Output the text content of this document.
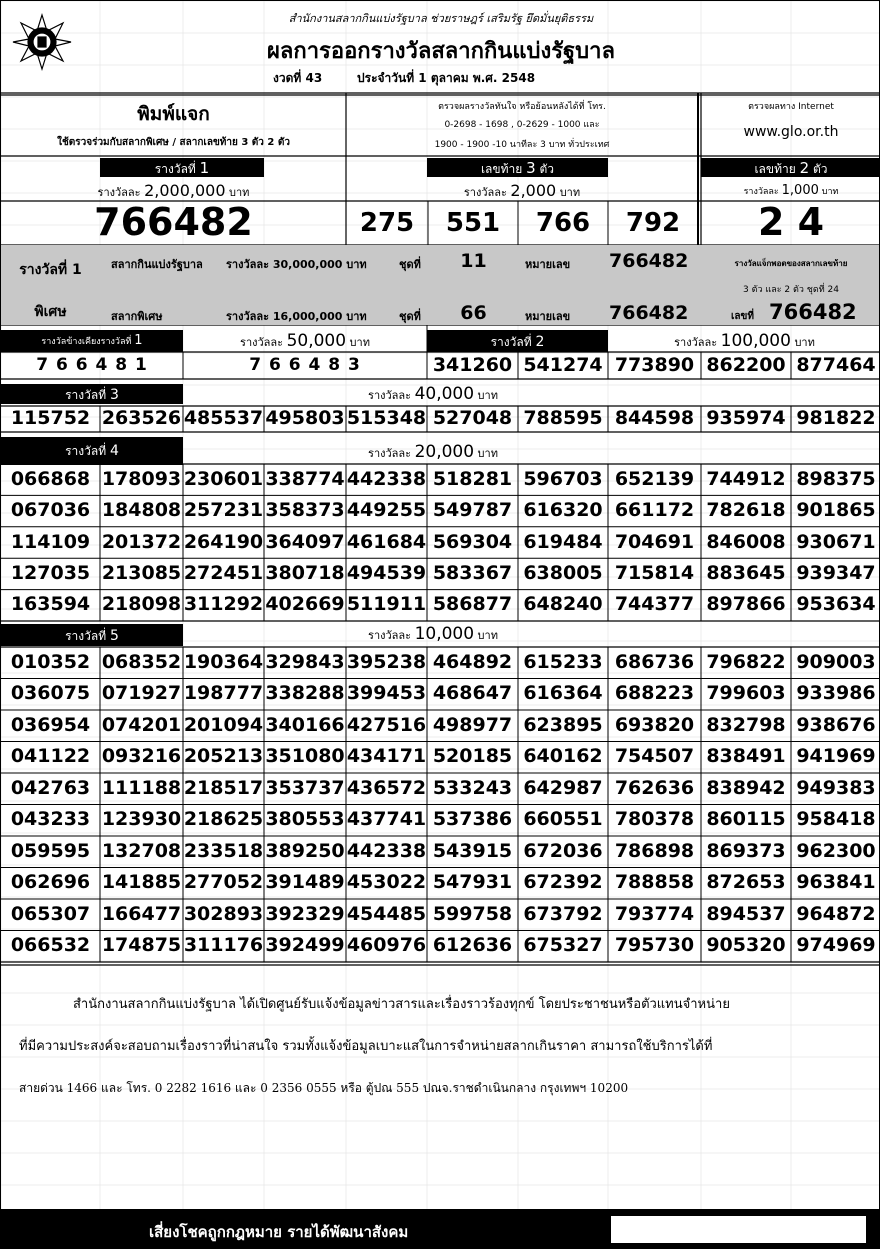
สำนักงานสลากกินแบ่งรัฐบาล ช่วยราษฎร์ เสริมรัฐ ยึดมั่นยุติธรรม
ผลการออกรางวัลสลากกินแบ่งรัฐบาล
งวดที่ 43	ประจำวันที่ 1 ตุลาคม พ.ศ. 2548
พิมพ์แจก
ใช้ตรวจร่วมกับสลากพิเศษ / สลากเลขท้าย 3 ตัว 2 ตัว
ตรวจผลรางวัลทันใจ หรือย้อนหลังได้ที่ โทร.
0-2698 - 1698 , 0-2629 - 1000 และ
1900 - 1900 -10 นาทีละ 3 บาท ทั่วประเทศ
ตรวจผลทาง Internet
www.glo.or.th
รางวัลที่ 1
รางวัลละ 2,000,000 บาท
766482
เลขท้าย 3 ตัว
รางวัลละ 2,000 บาท
275	551	766	792
เลขท้าย 2 ตัว
รางวัลละ 1,000 บาท
2 4
รางวัลที่ 1
พิเศษ
สลากกินแบ่งรัฐบาล รางวัลละ 30,000,000 บาท	ชุดที่	11	หมายเลข 766482
สลากพิเศษ	รางวัลละ 16,000,000 บาท	ชุดที่	66	หมายเลข 766482
รางวัลแจ็กพอตของสลากเลขท้าย
3 ตัว และ 2 ตัว ชุดที่ 24
เลขที่ 766482
รางวัลข้างเคียงรางวัลที่ 1	รางวัลละ 50,000 บาท
7 6 6 4 8 1	7 6 6 4 8 3
รางวัลที่ 2	รางวัลละ 100,000 บาท
341260 541274 773890 862200 877464
รางวัลที่ 3	รางวัลละ 40,000 บาท
115752 263526 485537 495803 515348 527048 788595 844598 935974 981822
รางวัลที่ 4	รางวัลละ 20,000 บาท
066868 178093 230601 338774 442338 518281 596703 652139 744912 898375
067036 184808 257231 358373 449255 549787 616320 661172 782618 901865
114109 201372 264190 364097 461684 569304 619484 704691 846008 930671
127035 213085 272451 380718 494539 583367 638005 715814 883645 939347
163594 218098 311292 402669 511911 586877 648240 744377 897866 953634
รางวัลที่ 5	รางวัลละ 10,000 บาท
010352 068352 190364 329843 395238 464892 615233 686736 796822 909003
036075 071927 198777 338288 399453 468647 616364 688223 799603 933986
036954 074201 201094 340166 427516 498977 623895 693820 832798 938676
041122 093216 205213 351080 434171 520185 640162 754507 838491 941969
042763 111188 218517 353737 436572 533243 642987 762636 838942 949383
043233 123930 218625 380553 437741 537386 660551 780378 860115 958418
059595 132708 233518 389250 442338 543915 672036 786898 869373 962300
062696 141885 277052 391489 453022 547931 672392 788858 872653 963841
065307 166477 302893 392329 454485 599758 673792 793774 894537 964872
066532 174875 311176 392499 460976 612636 675327 795730 905320 974969
สำนักงานสลากกินแบ่งรัฐบาล ได้เปิดศูนย์รับแจ้งข้อมูลข่าวสารและเรื่องราวร้องทุกข์ โดยประชาชนหรือตัวแทนจำหน่าย
ที่มีความประสงค์จะสอบถามเรื่องราวที่น่าสนใจ รวมทั้งแจ้งข้อมูลเบาะแสในการจำหน่ายสลากเกินราคา สามารถใช้บริการได้ที่
สายด่วน 1466 และ โทร. 0 2282 1616 และ 0 2356 0555 หรือ ตู้ปณ 555 ปณจ.ราชดำเนินกลาง กรุงเทพฯ 10200
เสี่ยงโชคถูกกฎหมาย รายได้พัฒนาสังคม
